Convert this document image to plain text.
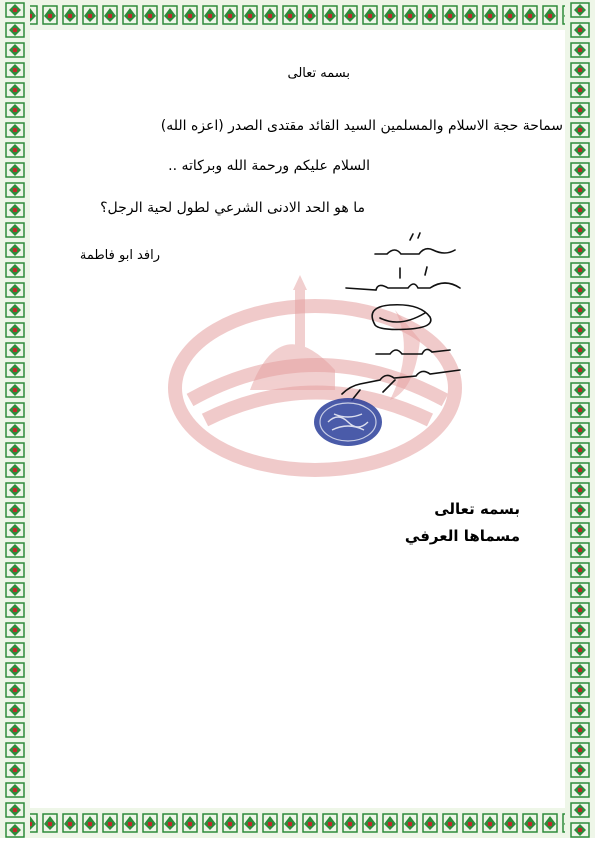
بسمه تعالى
سماحة حجة الاسلام والمسلمين السيد القائد مقتدى الصدر (اعزه الله)
السلام عليكم ورحمة الله وبركاته ..
ما هو الحد الادنى الشرعي لطول لحية الرجل؟
رافد ابو فاطمة
بسمه تعالى
مسماها العرفي
